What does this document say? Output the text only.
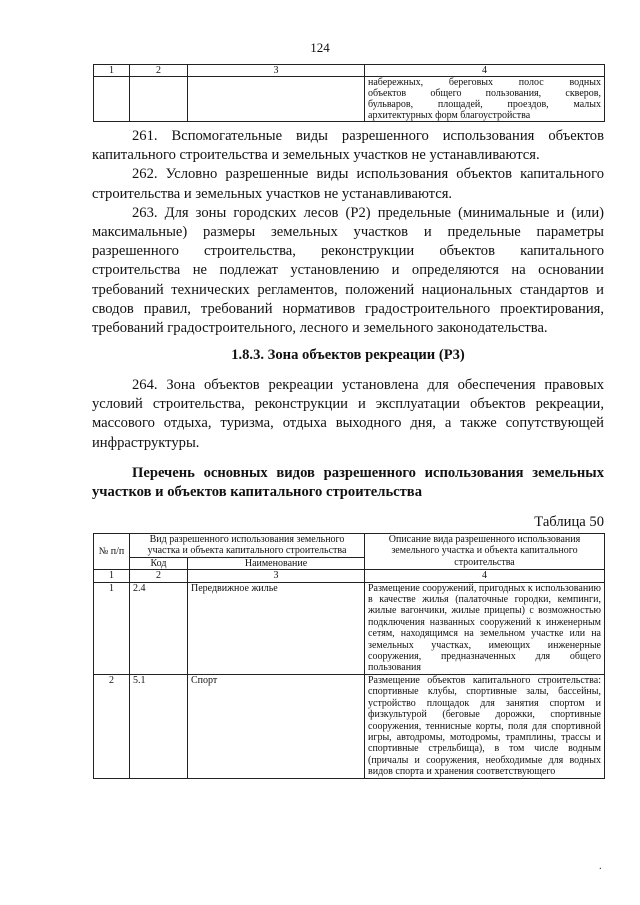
124
1	2	3	4

			набережных, береговых полос водных
объектов общего пользования, скверов,
бульваров, площадей, проездов, малых
архитектурных форм благоустройства

261. Вспомогательные виды разрешенного использования объектов капитального строительства и земельных участков не устанавливаются.

262. Условно разрешенные виды использования объектов капитального строительства и земельных участков не устанавливаются.

263. Для зоны городских лесов (Р2) предельные (минимальные и (или) максимальные) размеры земельных участков и предельные параметры разрешенного строительства, реконструкции объектов капитального строительства не подлежат установлению и определяются на основании требований технических регламентов, положений национальных стандартов и сводов правил, требований нормативов градостроительного проектирования, требований градостроительного, лесного и земельного законодательства.

1.8.3. Зона объектов рекреации (Р3)

264. Зона объектов рекреации установлена для обеспечения правовых условий строительства, реконструкции и эксплуатации объектов рекреации, массового отдыха, туризма, отдыха выходного дня, а также сопутствующей инфраструктуры.

Перечень основных видов разрешенного использования земельных участков и объектов капитального строительства
Таблица 50
№ п/п	Вид разрешенного использования земельного участка и объекта капитального строительства		Описание вида разрешенного использования земельного участка и объекта капитального строительства
	Код	Наименование	
1	2	3	4
1	2.4	Передвижное жилье	Размещение сооружений, пригодных к использованию в качестве жилья (палаточные городки, кемпинги, жилые вагончики, жилые прицепы) с возможностью подключения названных сооружений к инженерным сетям, находящимся на земельном участке или на земельных участках, имеющих инженерные сооружения, предназначенных для общего пользования
2	5.1	Спорт	Размещение объектов капитального строительства: спортивные клубы, спортивные залы, бассейны, устройство площадок для занятия спортом и физкультурой (беговые дорожки, спортивные сооружения, теннисные корты, поля для спортивной игры, автодромы, мотодромы, трамплины, трассы и спортивные стрельбища), в том числе водным (причалы и сооружения, необходимые для водных видов спорта и хранения соответствующего
·
